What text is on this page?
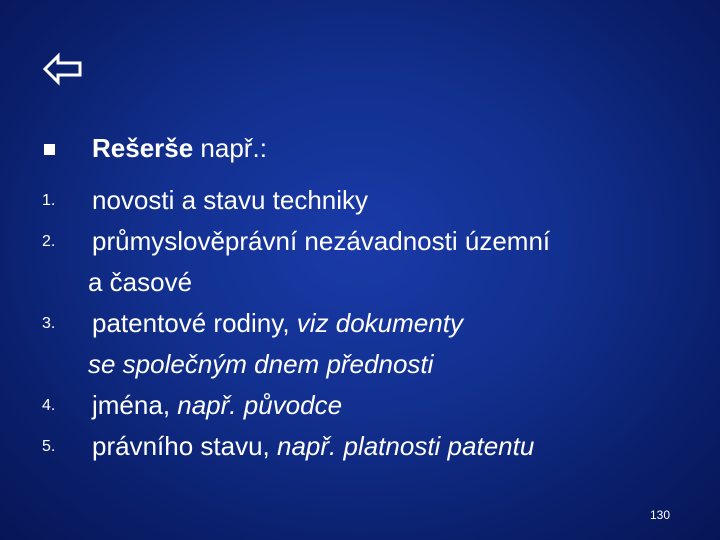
Rešerše např.:
1.	novosti a stavu techniky
2.	průmyslověprávní nezávadnosti územní
a časové
3.	patentové rodiny, viz dokumenty
se společným dnem přednosti
4.	jména, např. původce
5.	právního stavu, např. platnosti patentu
130
